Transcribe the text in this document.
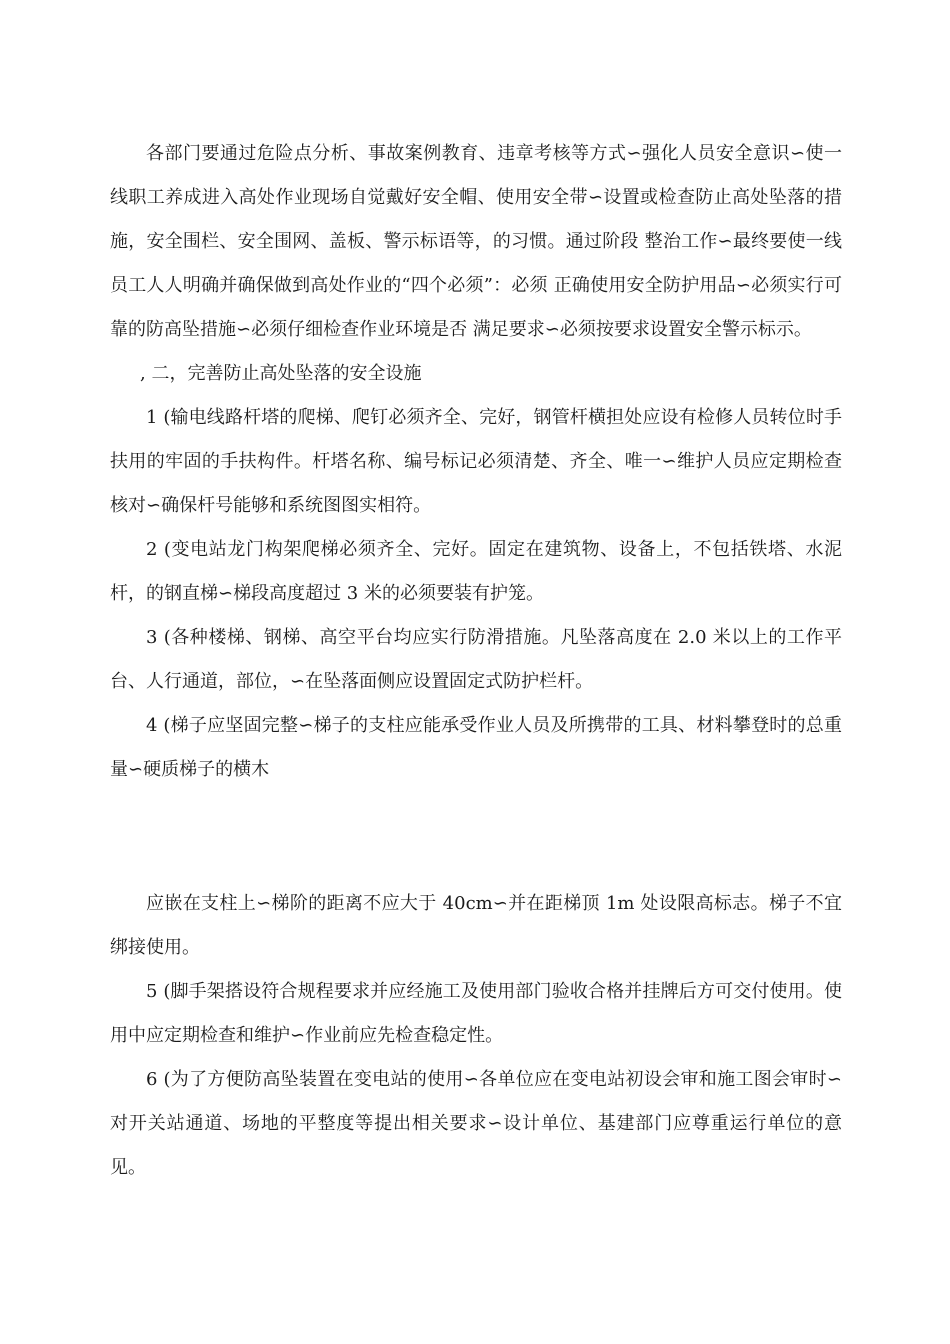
各部门要通过危险点分析、事故案例教育、违章考核等方式∽强化人员安全意识∽使一线职工养成进入高处作业现场自觉戴好安全帽、使用安全带∽设置或检查防止高处坠落的措施，安全围栏、安全围网、盖板、警示标语等，的习惯。通过阶段 整治工作∽最终要使一线员工人人明确并确保做到高处作业的“四个必须”：必须 正确使用安全防护用品∽必须实行可靠的防高坠措施∽必须仔细检查作业环境是否 满足要求∽必须按要求设置安全警示标示。

, 二，完善防止高处坠落的安全设施

1 (输电线路杆塔的爬梯、爬钉必须齐全、完好，钢管杆横担处应设有检修人员转位时手扶用的牢固的手扶构件。杆塔名称、编号标记必须清楚、齐全、唯一∽维护人员应定期检查核对∽确保杆号能够和系统图图实相符。

2 (变电站龙门构架爬梯必须齐全、完好。固定在建筑物、设备上，不包括铁塔、水泥杆，的钢直梯∽梯段高度超过 3 米的必须要装有护笼。

3 (各种楼梯、钢梯、高空平台均应实行防滑措施。凡坠落高度在 2.0 米以上的工作平台、人行通道，部位，∽在坠落面侧应设置固定式防护栏杆。

4 (梯子应坚固完整∽梯子的支柱应能承受作业人员及所携带的工具、材料攀登时的总重量∽硬质梯子的横木

应嵌在支柱上∽梯阶的距离不应大于 40cm∽并在距梯顶 1m 处设限高标志。梯子不宜绑接使用。

5 (脚手架搭设符合规程要求并应经施工及使用部门验收合格并挂牌后方可交付使用。使用中应定期检查和维护∽作业前应先检查稳定性。

6 (为了方便防高坠装置在变电站的使用∽各单位应在变电站初设会审和施工图会审时∽对开关站通道、场地的平整度等提出相关要求∽设计单位、基建部门应尊重运行单位的意见。
